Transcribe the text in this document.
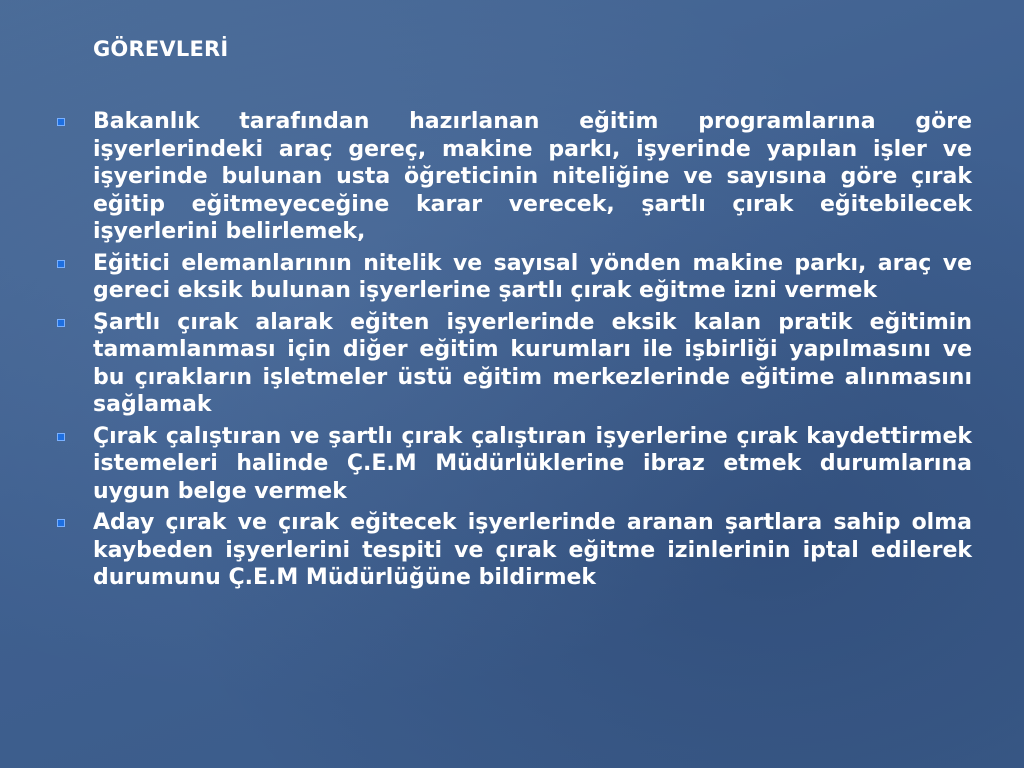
GÖREVLERİ
Bakanlık tarafından hazırlanan eğitim programlarına göre işyerlerindeki araç gereç, makine parkı, işyerinde yapılan işler ve işyerinde bulunan usta öğreticinin niteliğine ve sayısına göre çırak eğitip eğitmeyeceğine karar verecek, şartlı çırak eğitebilecek işyerlerini belirlemek,
Eğitici elemanlarının nitelik ve sayısal yönden makine parkı, araç ve gereci eksik bulunan işyerlerine şartlı çırak eğitme izni vermek
Şartlı çırak alarak eğiten işyerlerinde eksik kalan pratik eğitimin tamamlanması için diğer eğitim kurumları ile işbirliği yapılmasını ve bu çırakların işletmeler üstü eğitim merkezlerinde eğitime alınmasını sağlamak
Çırak çalıştıran ve şartlı çırak çalıştıran işyerlerine çırak kaydettirmek istemeleri halinde Ç.E.M Müdürlüklerine ibraz etmek durumlarına uygun belge vermek
Aday çırak ve çırak eğitecek işyerlerinde aranan şartlara sahip olma kaybeden işyerlerini tespiti ve çırak eğitme izinlerinin iptal edilerek durumunu Ç.E.M Müdürlüğüne bildirmek
